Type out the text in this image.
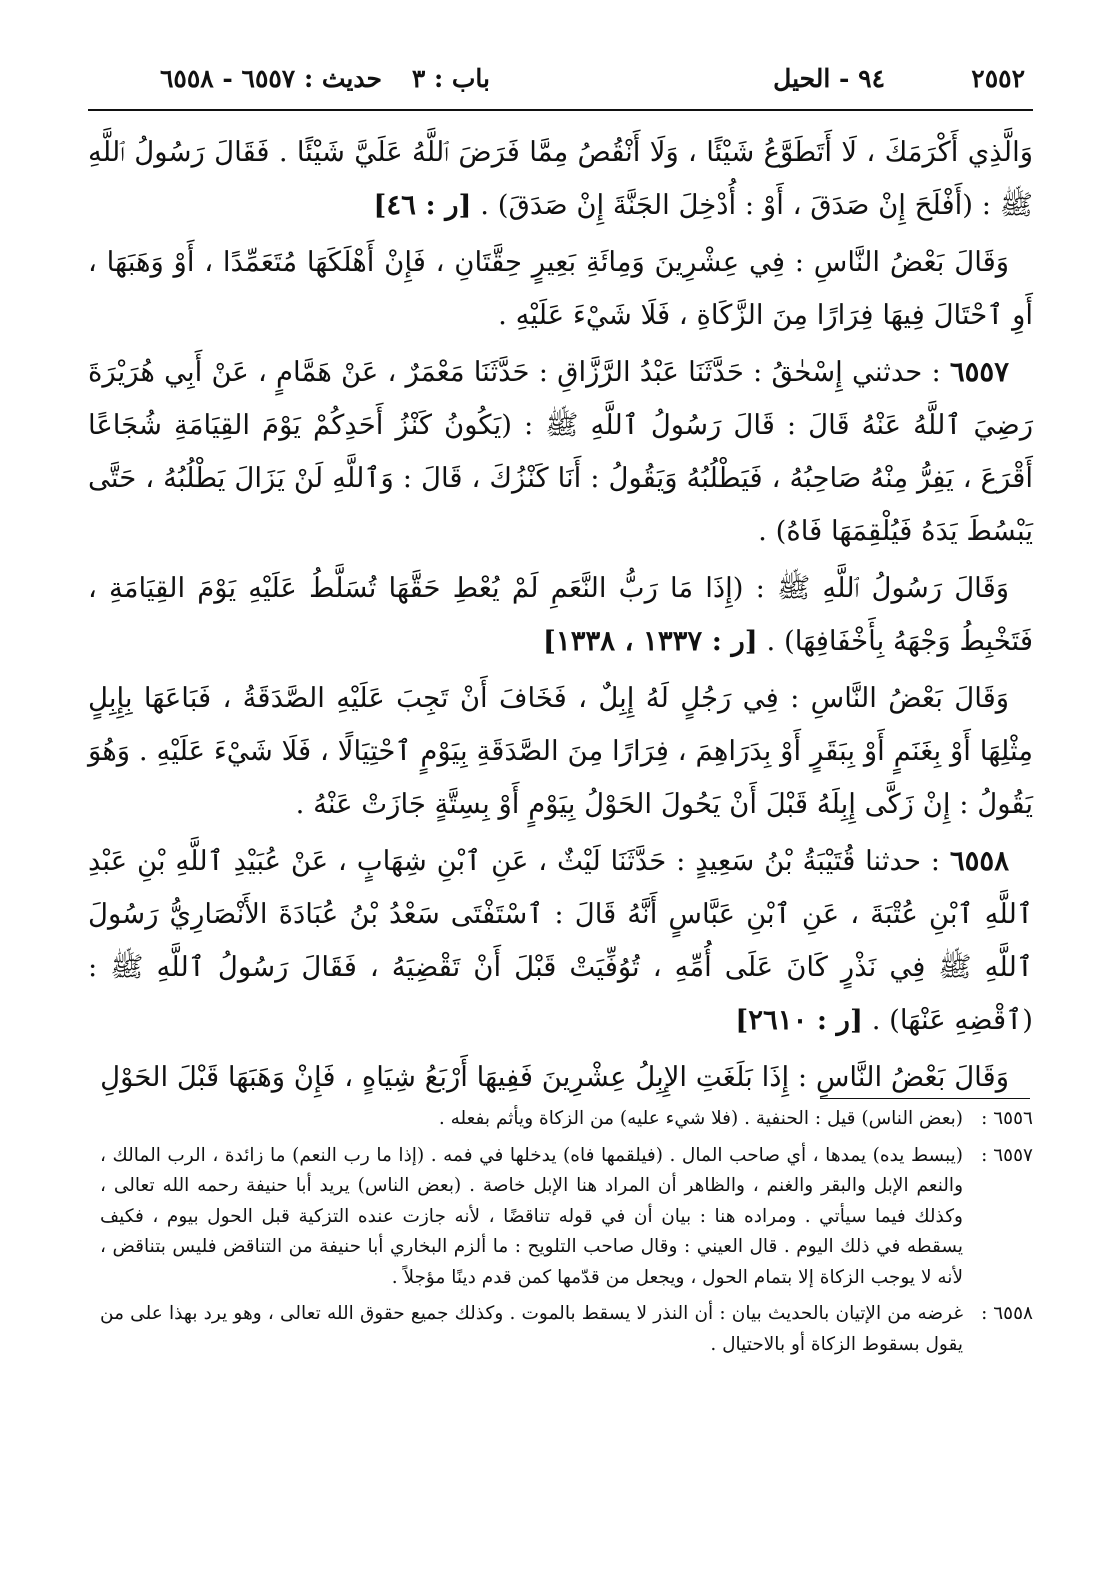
٢٥٥٢
٩٤ - الحيل
باب : ٣
حديث : ٦٥٥٧ - ٦٥٥٨

وَالَّذِي أَكْرَمَكَ ، لَا أَتَطَوَّعُ شَيْئًا ، وَلَا أَنْقُصُ مِمَّا فَرَضَ ٱللَّهُ عَلَيَّ شَيْئًا . فَقَالَ رَسُولُ ٱللَّهِ ﷺ : (أَفْلَحَ إِنْ صَدَقَ ، أَوْ : أُدْخِلَ الجَنَّةَ إِنْ صَدَقَ) . [ر : ٤٦]

وَقَالَ بَعْضُ النَّاسِ : فِي عِشْرِينَ وَمِائَةِ بَعِيرٍ حِقَّتَانِ ، فَإِنْ أَهْلَكَهَا مُتَعَمِّدًا ، أَوْ وَهَبَهَا ، أَوِ ٱحْتَالَ فِيهَا فِرَارًا مِنَ الزَّكَاةِ ، فَلَا شَيْءَ عَلَيْهِ .

٦٥٥٧ : حدثني إِسْحٰقُ : حَدَّثَنَا عَبْدُ الرَّزَّاقِ : حَدَّثَنَا مَعْمَرٌ ، عَنْ هَمَّامٍ ، عَنْ أَبِي هُرَيْرَةَ رَضِيَ ٱللَّهُ عَنْهُ قَالَ : قَالَ رَسُولُ ٱللَّهِ ﷺ : (يَكُونُ كَنْزُ أَحَدِكُمْ يَوْمَ القِيَامَةِ شُجَاعًا أَقْرَعَ ، يَفِرُّ مِنْهُ صَاحِبُهُ ، فَيَطْلُبُهُ وَيَقُولُ : أَنَا كَنْزُكَ ، قَالَ : وَٱللَّهِ لَنْ يَزَالَ يَطْلُبُهُ ، حَتَّى يَبْسُطَ يَدَهُ فَيُلْقِمَهَا فَاهُ) .

وَقَالَ رَسُولُ ٱللَّهِ ﷺ : (إِذَا مَا رَبُّ النَّعَمِ لَمْ يُعْطِ حَقَّهَا تُسَلَّطُ عَلَيْهِ يَوْمَ القِيَامَةِ ، فَتَخْبِطُ وَجْهَهُ بِأَخْفَافِهَا) . [ر : ١٣٣٧ ، ١٣٣٨]

وَقَالَ بَعْضُ النَّاسِ : فِي رَجُلٍ لَهُ إِبِلٌ ، فَخَافَ أَنْ تَجِبَ عَلَيْهِ الصَّدَقَةُ ، فَبَاعَهَا بِإِبِلٍ مِثْلِهَا أَوْ بِغَنَمٍ أَوْ بِبَقَرٍ أَوْ بِدَرَاهِمَ ، فِرَارًا مِنَ الصَّدَقَةِ بِيَوْمٍ ٱحْتِيَالًا ، فَلَا شَيْءَ عَلَيْهِ . وَهُوَ يَقُولُ : إِنْ زَكَّى إِبِلَهُ قَبْلَ أَنْ يَحُولَ الحَوْلُ بِيَوْمٍ أَوْ بِسِتَّةٍ جَازَتْ عَنْهُ .

٦٥٥٨ : حدثنا قُتَيْبَةُ بْنُ سَعِيدٍ : حَدَّثَنَا لَيْثٌ ، عَنِ ٱبْنِ شِهَابٍ ، عَنْ عُبَيْدِ ٱللَّهِ بْنِ عَبْدِ ٱللَّهِ ٱبْنِ عُتْبَةَ ، عَنِ ٱبْنِ عَبَّاسٍ أَنَّهُ قَالَ : ٱسْتَفْتَى سَعْدُ بْنُ عُبَادَةَ الأَنْصَارِيُّ رَسُولَ ٱللَّهِ ﷺ فِي نَذْرٍ كَانَ عَلَى أُمِّهِ ، تُوُفِّيَتْ قَبْلَ أَنْ تَقْضِيَهُ ، فَقَالَ رَسُولُ ٱللَّهِ ﷺ : (ٱقْضِهِ عَنْهَا) . [ر : ٢٦١٠]

وَقَالَ بَعْضُ النَّاسِ : إِذَا بَلَغَتِ الإِبِلُ عِشْرِينَ فَفِيهَا أَرْبَعُ شِيَاهٍ ، فَإِنْ وَهَبَهَا قَبْلَ الحَوْلِ

٦٥٥٦ :
(بعض الناس) قيل : الحنفية . (فلا شيء عليه) من الزكاة ويأثم بفعله .
٦٥٥٧ :
(يبسط يده) يمدها ، أي صاحب المال . (فيلقمها فاه) يدخلها في فمه . (إذا ما رب النعم) ما زائدة ، الرب المالك ، والنعم الإبل والبقر والغنم ، والظاهر أن المراد هنا الإبل خاصة . (بعض الناس) يريد أبا حنيفة رحمه الله تعالى ، وكذلك فيما سيأتي . ومراده هنا : بيان أن في قوله تناقضًا ، لأنه جازت عنده التزكية قبل الحول بيوم ، فكيف يسقطه في ذلك اليوم . قال العيني : وقال صاحب التلويح : ما ألزم البخاري أبا حنيفة من التناقض فليس بتناقض ، لأنه لا يوجب الزكاة إلا بتمام الحول ، ويجعل من قدّمها كمن قدم دينًا مؤجلاً .
٦٥٥٨ :
غرضه من الإتيان بالحديث بيان : أن النذر لا يسقط بالموت . وكذلك جميع حقوق الله تعالى ، وهو يرد بهذا على من يقول بسقوط الزكاة أو بالاحتيال .
